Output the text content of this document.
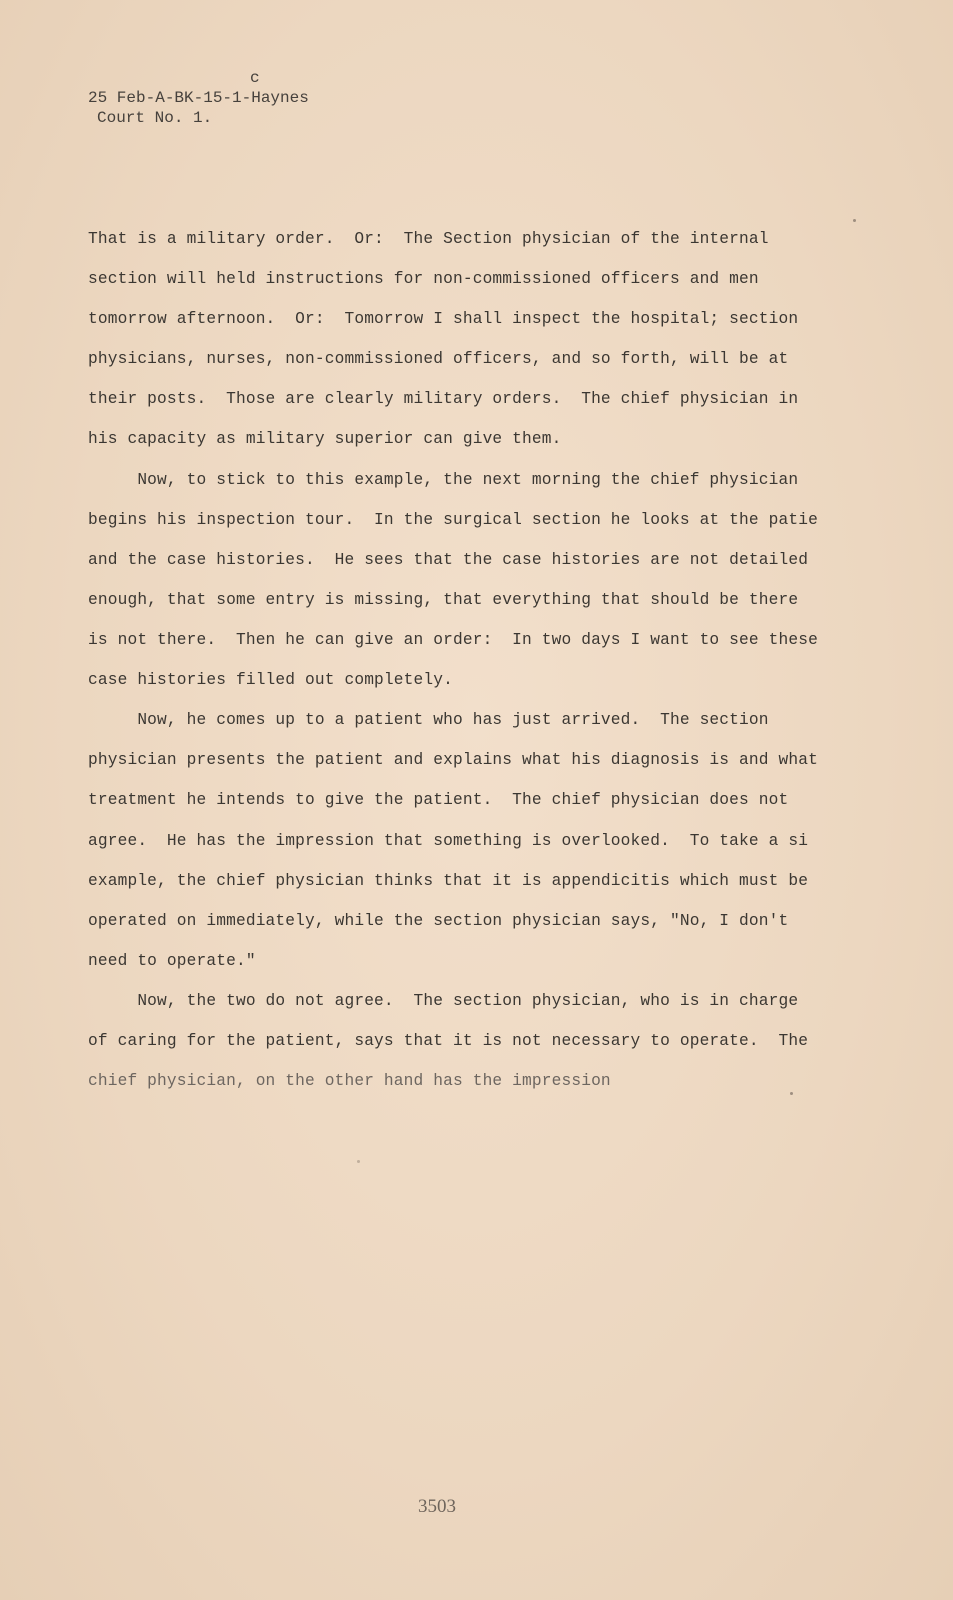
c
25 Feb-A-BK-15-1-Haynes
Court No. 1.
That is a military order.  Or:  The Section physician of the internal
section will held instructions for non-commissioned officers and men
tomorrow afternoon.  Or:  Tomorrow I shall inspect the hospital; section
physicians, nurses, non-commissioned officers, and so forth, will be at
their posts.  Those are clearly military orders.  The chief physician in
his capacity as military superior can give them.
Now, to stick to this example, the next morning the chief physician
begins his inspection tour.  In the surgical section he looks at the patie
and the case histories.  He sees that the case histories are not detailed
enough, that some entry is missing, that everything that should be there
is not there.  Then he can give an order:  In two days I want to see these
case histories filled out completely.
Now, he comes up to a patient who has just arrived.  The section
physician presents the patient and explains what his diagnosis is and what
treatment he intends to give the patient.  The chief physician does not
agree.  He has the impression that something is overlooked.  To take a si
example, the chief physician thinks that it is appendicitis which must be
operated on immediately, while the section physician says, "No, I don't
need to operate."
Now, the two do not agree.  The section physician, who is in charge
of caring for the patient, says that it is not necessary to operate.  The
chief physician, on the other hand has the impression
3503
